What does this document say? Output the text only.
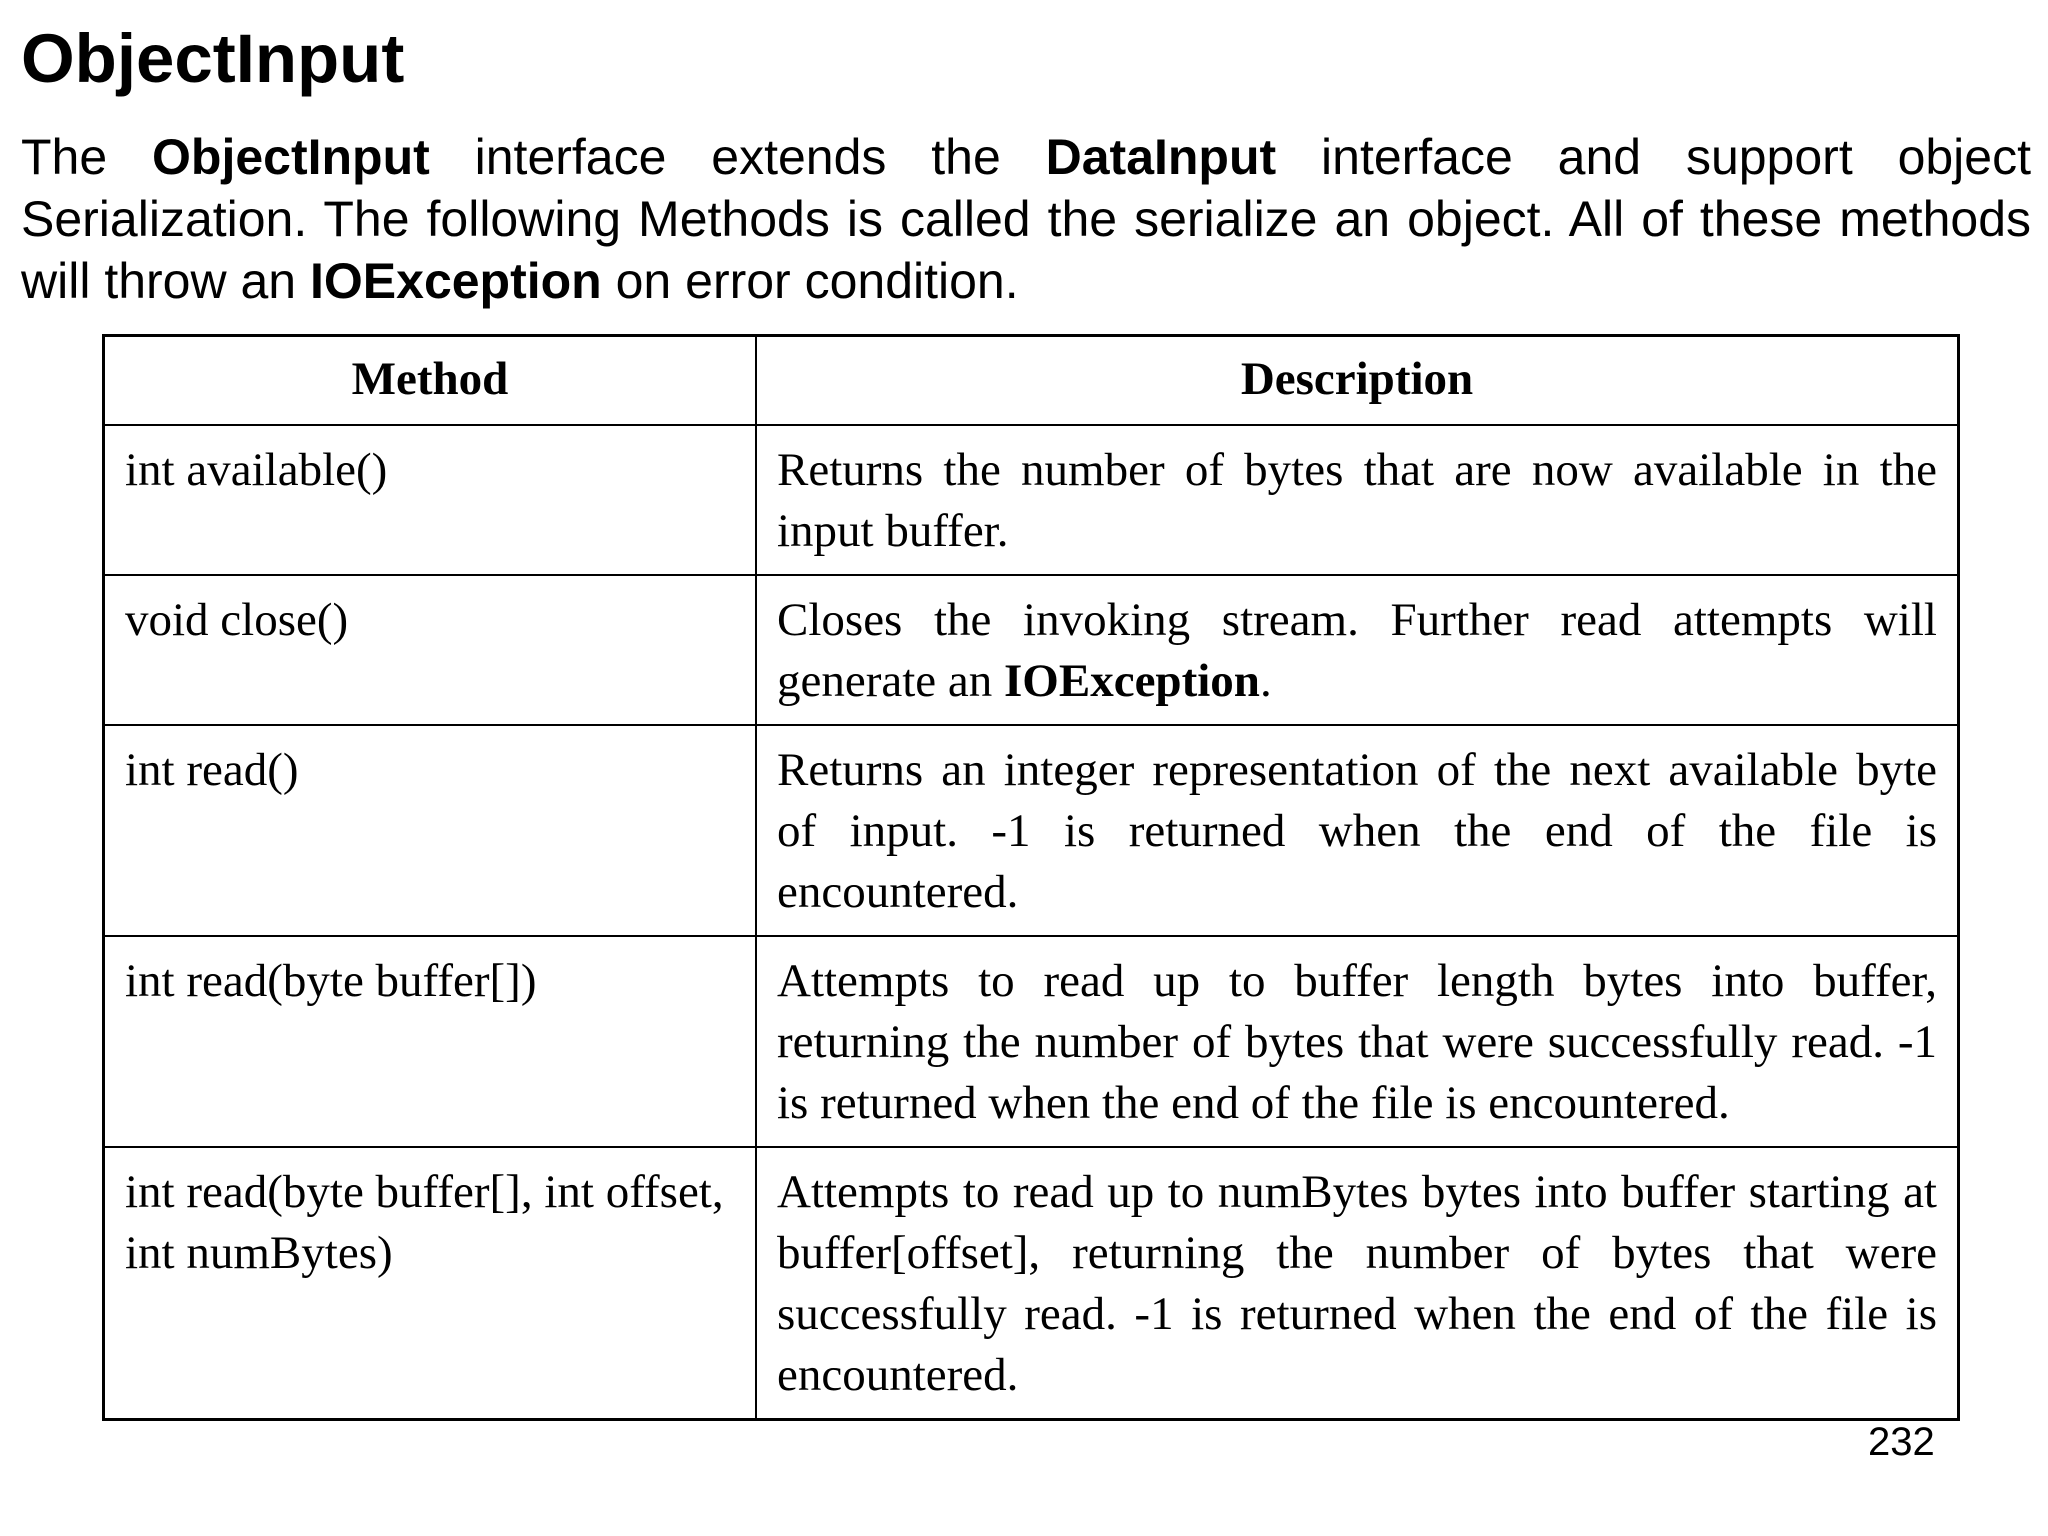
ObjectInput

The ObjectInput interface extends the DataInput interface and support object Serialization. The following Methods is called the serialize an object. All of these methods will throw an IOException on error condition.

Method	Description
int available()	Returns the number of bytes that are now available in the input buffer.
void close()	Closes the invoking stream. Further read attempts will generate an IOException.
int read()	Returns an integer representation of the next available byte of input. -1 is returned when the end of the file is encountered.
int read(byte buffer[])	Attempts to read up to buffer length bytes into buffer, returning the number of bytes that were successfully read. -1 is returned when the end of the file is encountered.
int read(byte buffer[], int offset, int numBytes)	Attempts to read up to numBytes bytes into buffer starting at buffer[offset], returning the number of bytes that were successfully read. -1 is returned when the end of the file is encountered.
232
